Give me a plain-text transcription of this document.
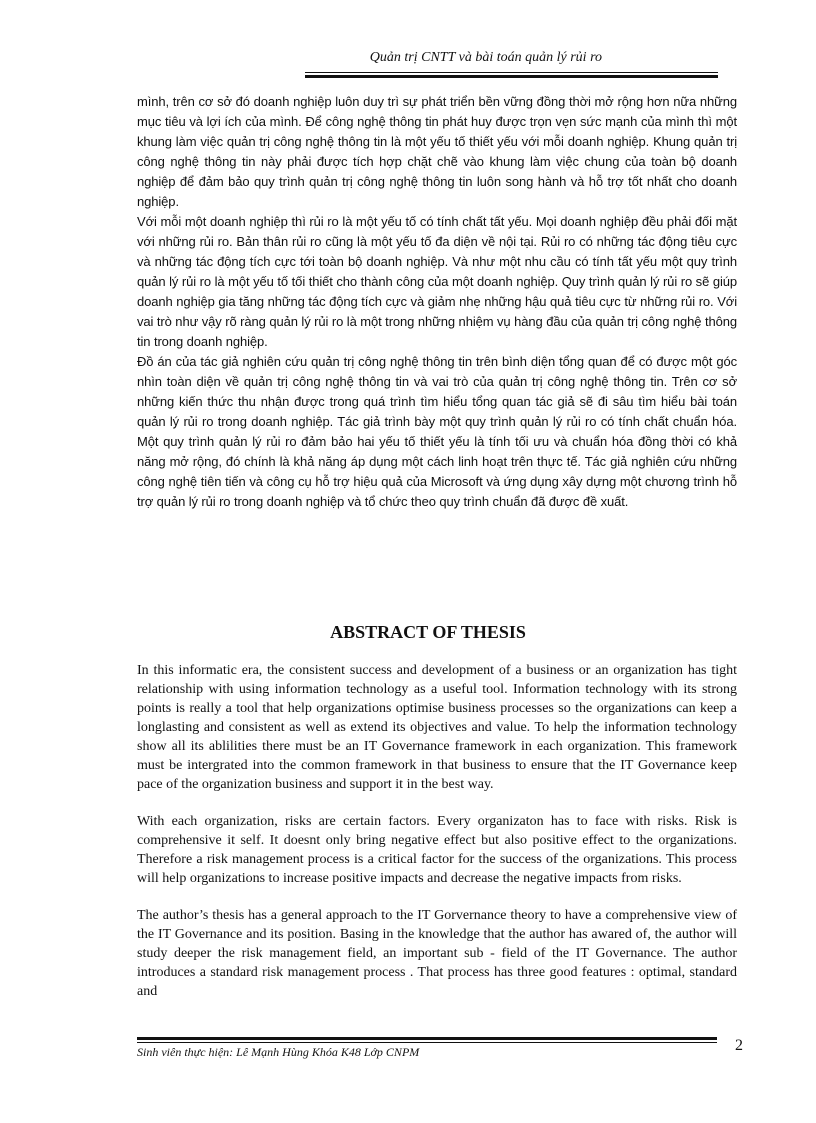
Quản trị CNTT và bài toán quản lý rủi ro

mình, trên cơ sở đó doanh nghiệp luôn duy trì sự phát triển bền vững đồng thời mở rộng hơn nữa những mục tiêu và lợi ích của mình. Để công nghệ thông tin phát huy được trọn vẹn sức mạnh của mình thì một khung làm việc quản trị công nghệ thông tin là một yếu tố thiết yếu với mỗi doanh nghiệp. Khung quản trị công nghệ thông tin này phải được tích hợp chặt chẽ vào khung làm việc chung của toàn bộ doanh nghiệp để đảm bảo quy trình quản trị công nghệ thông tin luôn song hành và hỗ trợ tốt nhất cho doanh nghiệp.

Với mỗi một doanh nghiệp thì rủi ro là một yếu tố có tính chất tất yếu. Mọi doanh nghiệp đều phải đối mặt với những rủi ro. Bản thân rủi ro cũng là một yếu tố đa diện về nội tại. Rủi ro có những tác động tiêu cực và những tác động tích cực tới toàn bộ doanh nghiệp. Và như một nhu cầu có tính tất yếu một quy trình quản lý rủi ro là một yếu tố tối thiết cho thành công của một doanh nghiệp. Quy trình quản lý rủi ro sẽ giúp doanh nghiệp gia tăng những tác động tích cực và giảm nhẹ những hậu quả tiêu cực từ những rủi ro. Với vai trò như vậy rõ ràng quản lý rủi ro là một trong những nhiệm vụ hàng đầu của quản trị công nghệ thông tin trong doanh nghiệp.

Đồ án của tác giả nghiên cứu quản trị công nghệ thông tin trên bình diện tổng quan để có được một góc nhìn toàn diện về quản trị công nghệ thông tin và vai trò của quản trị công nghệ thông tin. Trên cơ sở những kiến thức thu nhận được trong quá trình tìm hiểu tổng quan tác giả sẽ đi sâu tìm hiểu bài toán quản lý rủi ro trong doanh nghiệp. Tác giả trình bày một quy trình quản lý rủi ro có tính chất chuẩn hóa. Một quy trình quản lý rủi ro đảm bảo hai yếu tố thiết yếu là tính tối ưu và chuẩn hóa đồng thời có khả năng mở rộng, đó chính là khả năng áp dụng một cách linh hoạt trên thực tế. Tác giả nghiên cứu những công nghệ tiên tiến và công cụ hỗ trợ hiệu quả của Microsoft và ứng dụng xây dựng một chương trình hỗ trợ quản lý rủi ro trong doanh nghiệp và tổ chức theo quy trình chuẩn đã được đề xuất.

ABSTRACT OF THESIS

In this informatic era, the consistent success and development of a business or an organization has tight relationship with using information technology as a useful tool. Information technology with its strong points is really a tool that help organizations optimise business processes so the organizations can keep a longlasting and consistent as well as extend its objectives and value. To help the information technology show all its ablilities there must be an IT Governance framework in each organization. This framework must be intergrated into the common framework in that business to ensure that the IT Governance keep pace of the organization business and support it in the best way.

With each organization, risks are certain factors. Every organizaton has to face with risks. Risk is comprehensive it self. It doesnt only bring negative effect but also positive effect to the organizations. Therefore a risk management process is a critical factor for the success of the organizations. This process will help organizations to increase positive impacts and decrease the negative impacts from risks.

The author’s thesis has a general approach to the IT Gorvernance theory to have a comprehensive view of the IT Governance and its position. Basing in the knowledge that the author has awared of, the author will study deeper the risk management field, an important sub - field of the IT Governance. The author introduces a standard risk management process . That process has three good features : optimal, standard and

Sinh viên thực hiện: Lê Mạnh Hùng Khóa K48 Lớp CNPM	2
